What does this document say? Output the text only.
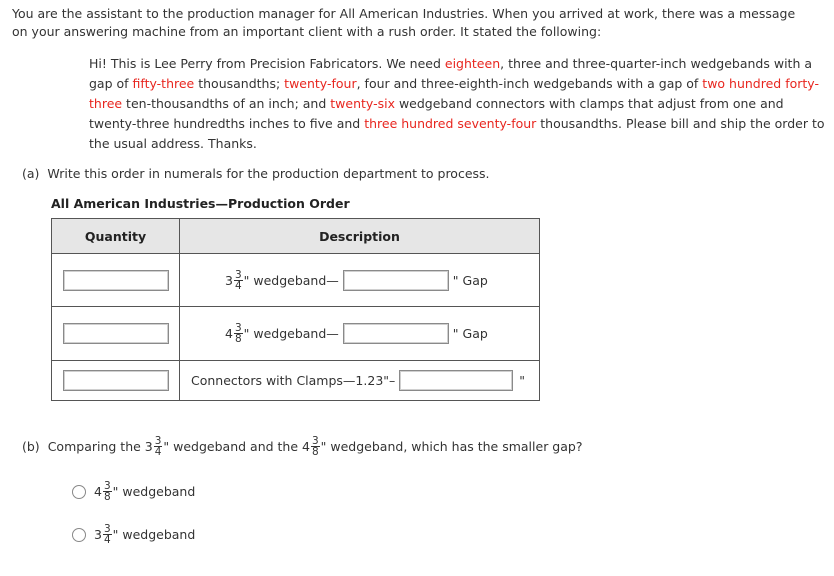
You are the assistant to the production manager for All American Industries. When you arrived at work, there was a message on your answering machine from an important client with a rush order. It stated the following:
Hi! This is Lee Perry from Precision Fabricators. We need eighteen, three and three-quarter-inch wedgebands with a gap of fifty-three thousandths; twenty-four, four and three-eighth-inch wedgebands with a gap of two hundred forty-three ten-thousandths of an inch; and twenty-six wedgeband connectors with clamps that adjust from one and twenty-three hundredths inches to five and three hundred seventy-four thousandths. Please bill and ship the order to the usual address. Thanks.
(a) Write this order in numerals for the production department to process.
All American Industries—Production Order
Quantity	Description

$3 \frac{3}{4}$ " wedgeband— " Gap

$4 \frac{3}{8}$ " wedgeband— " Gap

Connectors with Clamps—1.23"– "
(b) Comparing the $3 \frac{3}{4}$ " wedgeband and the $4 \frac{3}{8}$ " wedgeband, which has the smaller gap?
$4 \frac{3}{8}$ " wedgeband
$3 \frac{3}{4}$ " wedgeband
